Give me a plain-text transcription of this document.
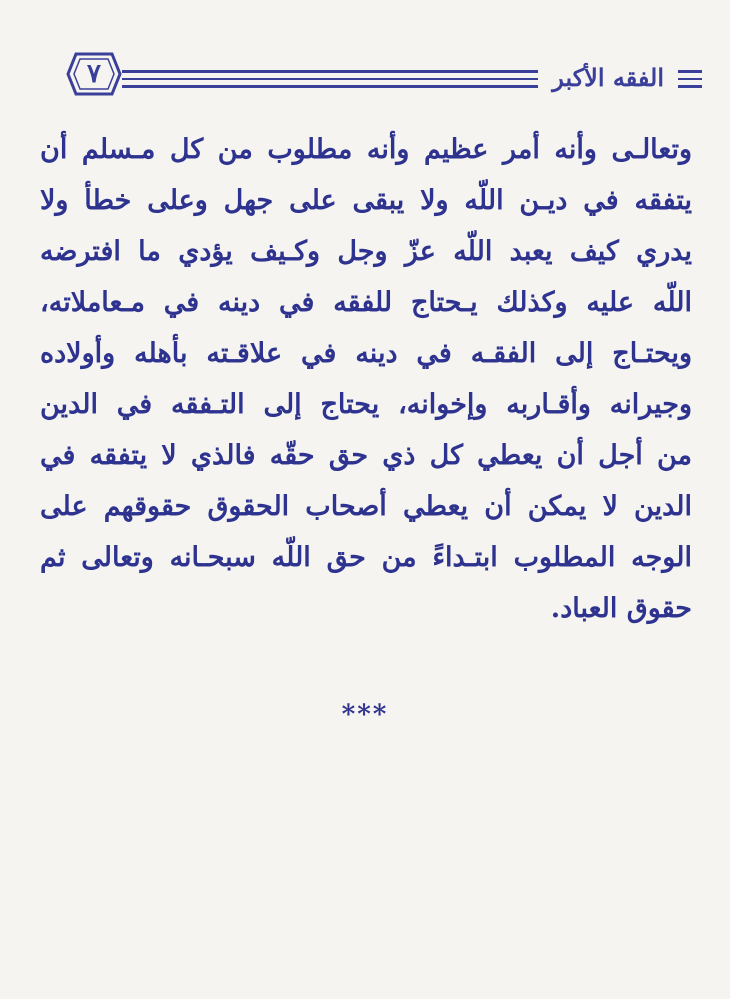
الفقه الأكبر
٧
وتعالـى وأنه أمر عظيم وأنه مطلوب من كل مـسلم أن
يتفقه في ديـن اللّه ولا يبقى على جهل وعلى خطأ ولا
يدري كيف يعبد اللّه عزّ وجل وكـيف يؤدي ما افترضه
اللّه عليه وكذلك يـحتاج للفقه في دينه في مـعاملاته،
ويحتـاج إلى الفقـه في دينه في علاقـته بأهله وأولاده
وجيرانه وأقـاربه وإخوانه، يحتاج إلى التـفقه في الدين
من أجل أن يعطي كل ذي حق حقّه فالذي لا يتفقه في
الدين لا يمكن أن يعطي أصحاب الحقوق حقوقهم على
الوجه المطلوب ابتـداءً من حق اللّه سبحـانه وتعالى ثم
حقوق العباد.
***
